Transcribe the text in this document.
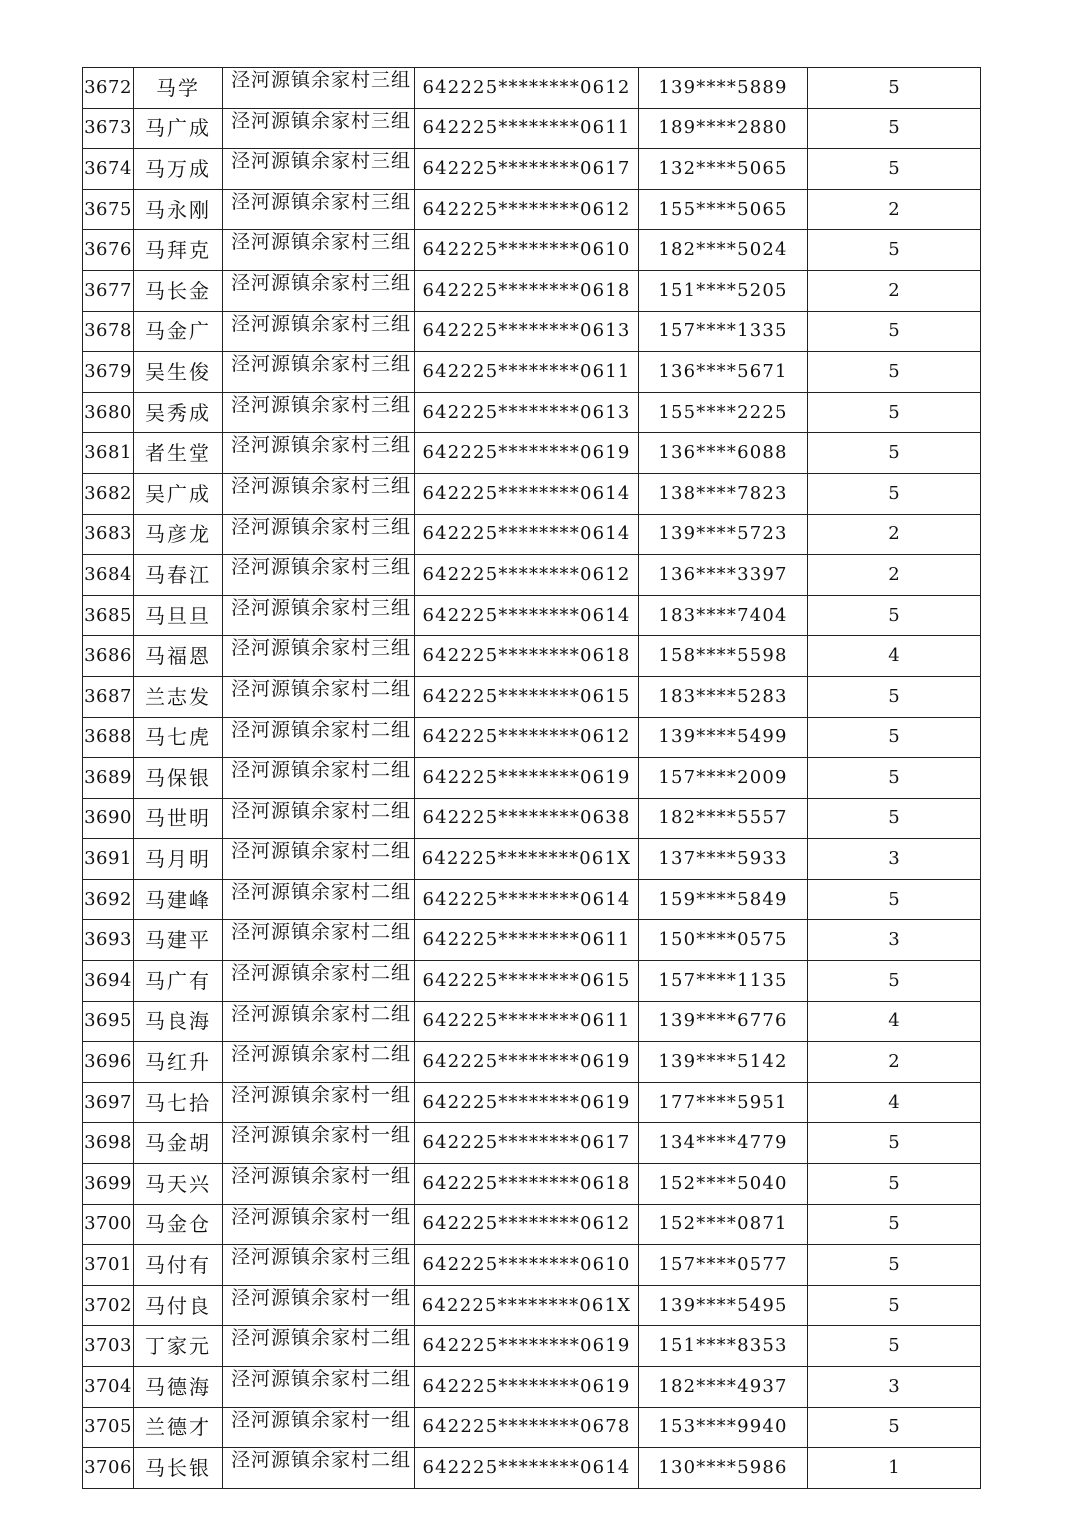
3672	马学	泾河源镇余家村三组	642225********0612	139****5889	5
3673	马广成	泾河源镇余家村三组	642225********0611	189****2880	5
3674	马万成	泾河源镇余家村三组	642225********0617	132****5065	5
3675	马永刚	泾河源镇余家村三组	642225********0612	155****5065	2
3676	马拜克	泾河源镇余家村三组	642225********0610	182****5024	5
3677	马长金	泾河源镇余家村三组	642225********0618	151****5205	2
3678	马金广	泾河源镇余家村三组	642225********0613	157****1335	5
3679	吴生俊	泾河源镇余家村三组	642225********0611	136****5671	5
3680	吴秀成	泾河源镇余家村三组	642225********0613	155****2225	5
3681	者生堂	泾河源镇余家村三组	642225********0619	136****6088	5
3682	吴广成	泾河源镇余家村三组	642225********0614	138****7823	5
3683	马彦龙	泾河源镇余家村三组	642225********0614	139****5723	2
3684	马春江	泾河源镇余家村三组	642225********0612	136****3397	2
3685	马旦旦	泾河源镇余家村三组	642225********0614	183****7404	5
3686	马福恩	泾河源镇余家村三组	642225********0618	158****5598	4
3687	兰志发	泾河源镇余家村二组	642225********0615	183****5283	5
3688	马七虎	泾河源镇余家村二组	642225********0612	139****5499	5
3689	马保银	泾河源镇余家村二组	642225********0619	157****2009	5
3690	马世明	泾河源镇余家村二组	642225********0638	182****5557	5
3691	马月明	泾河源镇余家村二组	642225********061X	137****5933	3
3692	马建峰	泾河源镇余家村二组	642225********0614	159****5849	5
3693	马建平	泾河源镇余家村二组	642225********0611	150****0575	3
3694	马广有	泾河源镇余家村二组	642225********0615	157****1135	5
3695	马良海	泾河源镇余家村二组	642225********0611	139****6776	4
3696	马红升	泾河源镇余家村二组	642225********0619	139****5142	2
3697	马七拾	泾河源镇余家村一组	642225********0619	177****5951	4
3698	马金胡	泾河源镇余家村一组	642225********0617	134****4779	5
3699	马天兴	泾河源镇余家村一组	642225********0618	152****5040	5
3700	马金仓	泾河源镇余家村一组	642225********0612	152****0871	5
3701	马付有	泾河源镇余家村三组	642225********0610	157****0577	5
3702	马付良	泾河源镇余家村一组	642225********061X	139****5495	5
3703	丁家元	泾河源镇余家村二组	642225********0619	151****8353	5
3704	马德海	泾河源镇余家村二组	642225********0619	182****4937	3
3705	兰德才	泾河源镇余家村一组	642225********0678	153****9940	5
3706	马长银	泾河源镇余家村二组	642225********0614	130****5986	1
